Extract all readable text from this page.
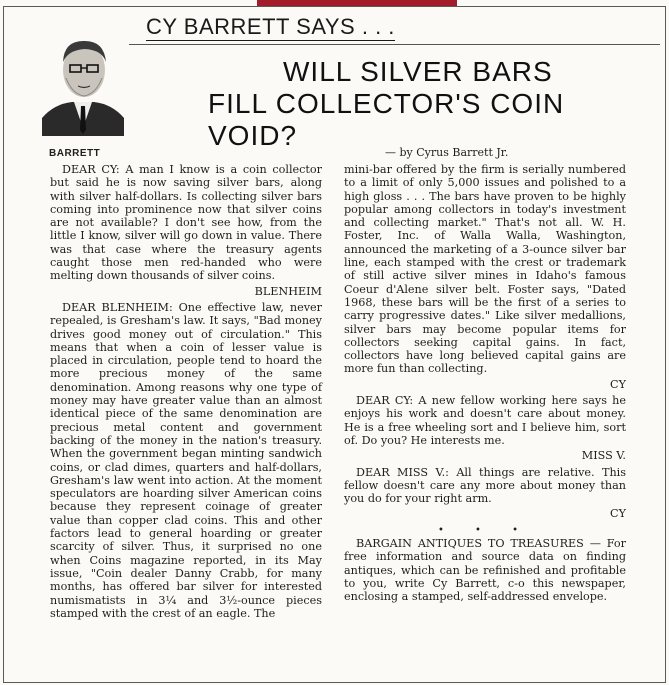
CY BARRETT SAYS . . .
WILL SILVER BARS
FILL COLLECTOR'S COIN VOID?
BARRETT	— by Cyrus Barrett Jr.

DEAR CY: A man I know is a coin collector but said he is now saving silver bars, along with silver half-dollars. Is collecting silver bars coming into prominence now that silver coins are not available? I don't see how, from the little I know, silver will go down in value. There was that case where the treasury agents caught those men red-handed who were melting down thousands of silver coins.

BLENHEIM

DEAR BLENHEIM: One effective law, never repealed, is Gresham's law. It says, "Bad money drives good money out of circulation." This means that when a coin of lesser value is placed in circulation, people tend to hoard the more precious money of the same denomination. Among reasons why one type of money may have greater value than an almost identical piece of the same denomination are precious metal content and government backing of the money in the nation's treasury. When the government began minting sandwich coins, or clad dimes, quarters and half-dollars, Gresham's law went into action. At the moment speculators are hoarding silver American coins because they represent coinage of greater value than copper clad coins. This and other factors lead to general hoarding or greater scarcity of silver. Thus, it surprised no one when Coins magazine reported, in its May issue, "Coin dealer Danny Crabb, for many months, has offered bar silver for interested numismatists in 3¼ and 3½-ounce pieces stamped with the crest of an eagle. The

mini-bar offered by the firm is serially numbered to a limit of only 5,000 issues and polished to a high gloss . . . The bars have proven to be highly popular among collectors in today's investment and collecting market." That's not all. W. H. Foster, Inc. of Walla Walla, Washington, announced the marketing of a 3-ounce silver bar line, each stamped with the crest or trademark of still active silver mines in Idaho's famous Coeur d'Alene silver belt. Foster says, "Dated 1968, these bars will be the first of a series to carry progressive dates." Like silver medallions, silver bars may become popular items for collectors seeking capital gains. In fact, collectors have long believed capital gains are more fun than collecting.

CY

DEAR CY: A new fellow working here says he enjoys his work and doesn't care about money. He is a free wheeling sort and I believe him, sort of. Do you? He interests me.

MISS V.

DEAR MISS V.: All things are relative. This fellow doesn't care any more about money than you do for your right arm.

CY

• • •

BARGAIN ANTIQUES TO TREASURES — For free information and source data on finding antiques, which can be refinished and profitable to you, write Cy Barrett, c-o this newspaper, enclosing a stamped, self-addressed envelope.
